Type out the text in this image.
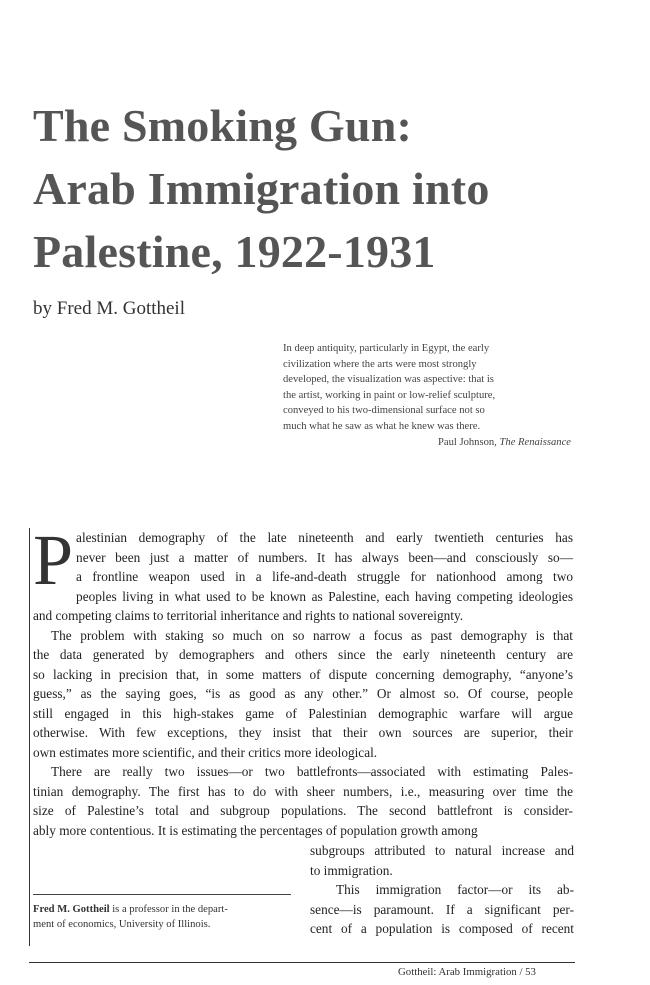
The Smoking Gun:
Arab Immigration into
Palestine, 1922-1931
by Fred M. Gottheil
In deep antiquity, particularly in Egypt, the early
civilization where the arts were most strongly
developed, the visualization was aspective: that is
the artist, working in paint or low-relief sculpture,
conveyed to his two-dimensional surface not so
much what he saw as what he knew was there.
Paul Johnson, The Renaissance
P alestinian demography of the late nineteenth and early twentieth centuries has
never been just a matter of numbers. It has always been—and consciously so—
a frontline weapon used in a life-and-death struggle for nationhood among two
peoples living in what used to be known as Palestine, each having competing ideologies
and competing claims to territorial inheritance and rights to national sovereignty.
The problem with staking so much on so narrow a focus as past demography is that
the data generated by demographers and others since the early nineteenth century are
so lacking in precision that, in some matters of dispute concerning demography, “anyone’s
guess,” as the saying goes, “is as good as any other.” Or almost so. Of course, people
still engaged in this high-stakes game of Palestinian demographic warfare will argue
otherwise. With few exceptions, they insist that their own sources are superior, their
own estimates more scientific, and their critics more ideological.
There are really two issues—or two battlefronts—associated with estimating Pales-
tinian demography. The first has to do with sheer numbers, i.e., measuring over time the
size of Palestine’s total and subgroup populations. The second battlefront is consider-
ably more contentious. It is estimating the percentages of population growth among
subgroups attributed to natural increase and
to immigration.
This immigration factor—or its ab-
sence—is paramount. If a significant per-
cent of a population is composed of recent
Fred M. Gottheil is a professor in the depart-
ment of economics, University of Illinois.
Gottheil: Arab Immigration / 53
